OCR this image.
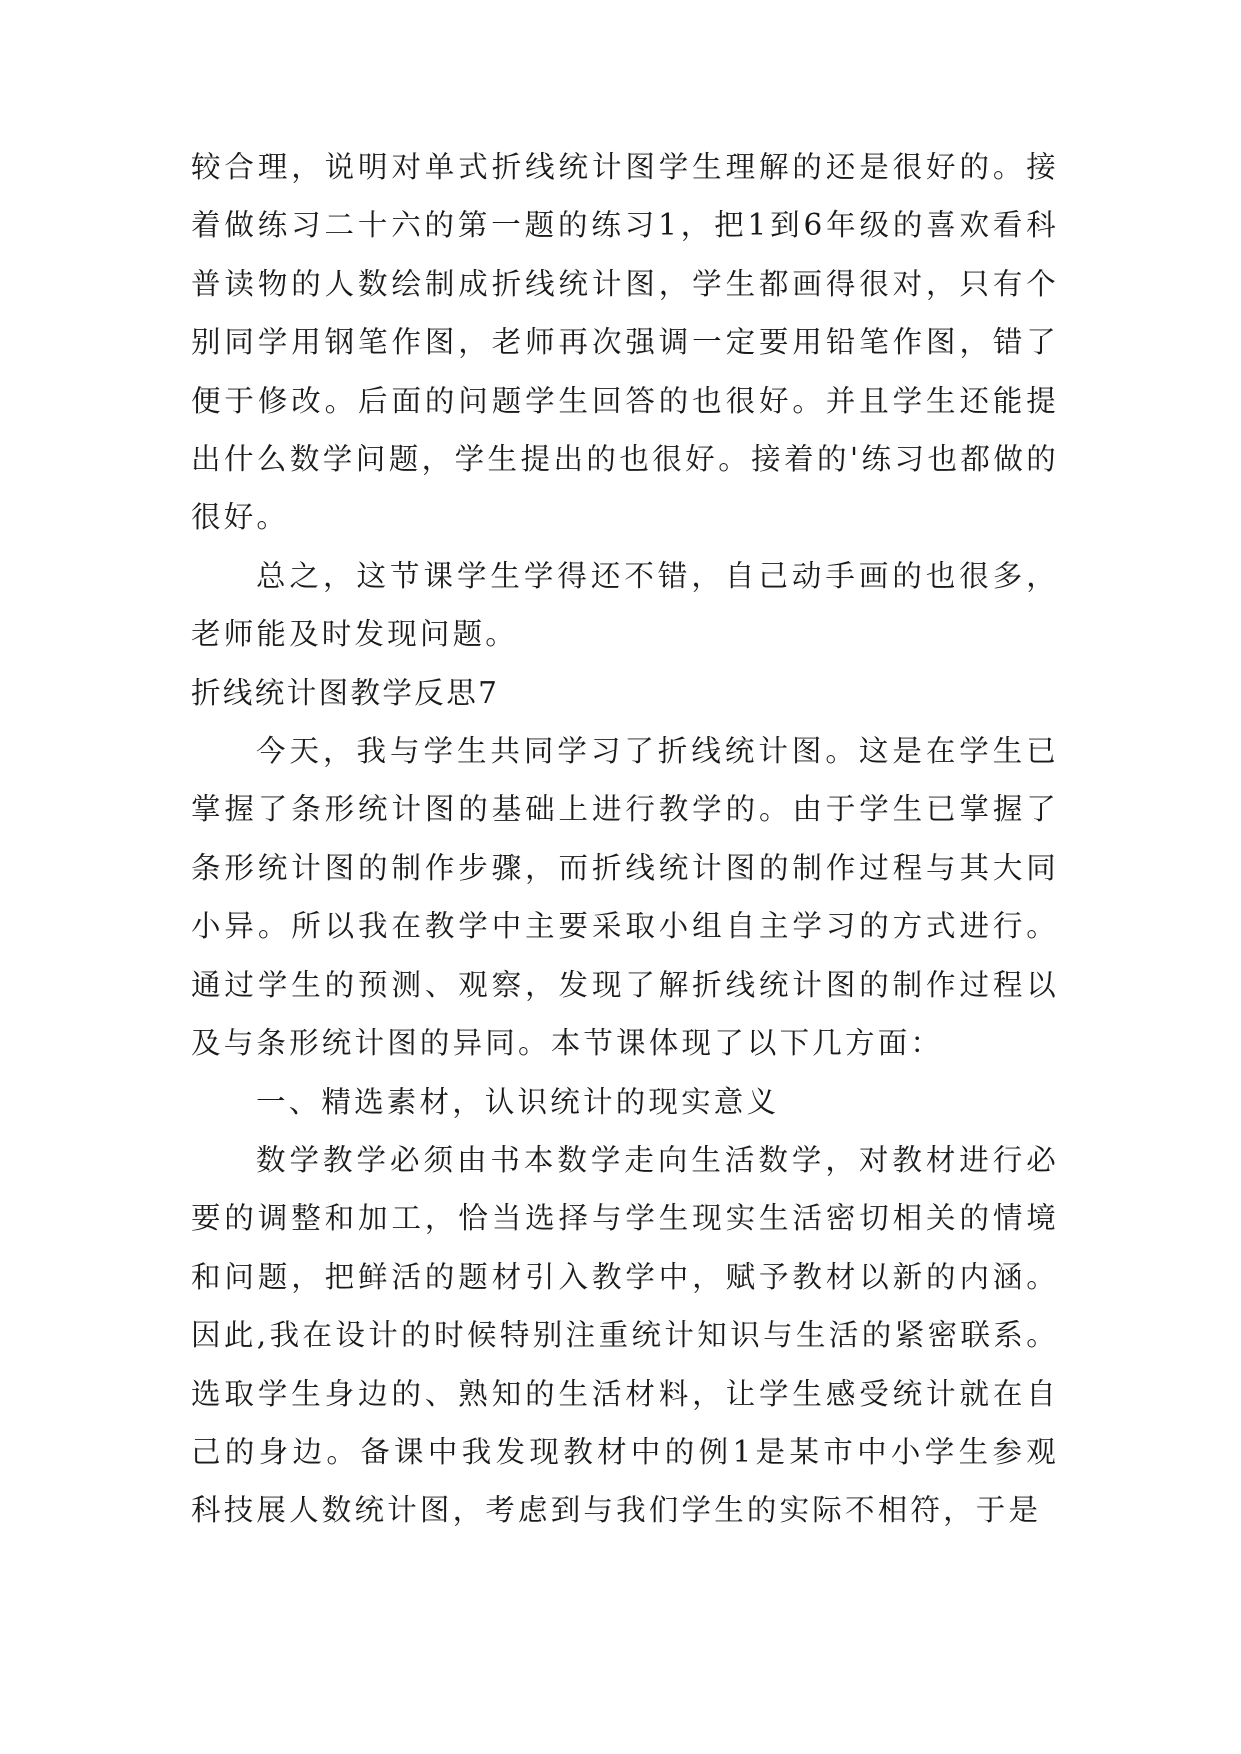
较合理，说明对单式折线统计图学生理解的还是很好的。接着做练习二十六的第一题的练习1，把1到6年级的喜欢看科普读物的人数绘制成折线统计图，学生都画得很对，只有个别同学用钢笔作图，老师再次强调一定要用铅笔作图，错了便于修改。后面的问题学生回答的也很好。并且学生还能提出什么数学问题，学生提出的也很好。接着的'练习也都做的很好。

总之，这节课学生学得还不错，自己动手画的也很多，老师能及时发现问题。

折线统计图教学反思7

今天，我与学生共同学习了折线统计图。这是在学生已掌握了条形统计图的基础上进行教学的。由于学生已掌握了条形统计图的制作步骤，而折线统计图的制作过程与其大同小异。所以我在教学中主要采取小组自主学习的方式进行。通过学生的预测、观察，发现了解折线统计图的制作过程以及与条形统计图的异同。本节课体现了以下几方面：

一、精选素材，认识统计的现实意义

数学教学必须由书本数学走向生活数学，对教材进行必要的调整和加工，恰当选择与学生现实生活密切相关的情境和问题，把鲜活的题材引入教学中，赋予教材以新的内涵。因此,我在设计的时候特别注重统计知识与生活的紧密联系。选取学生身边的、熟知的生活材料，让学生感受统计就在自己的身边。备课中我发现教材中的例1是某市中小学生参观科技展人数统计图，考虑到与我们学生的实际不相符，于是
